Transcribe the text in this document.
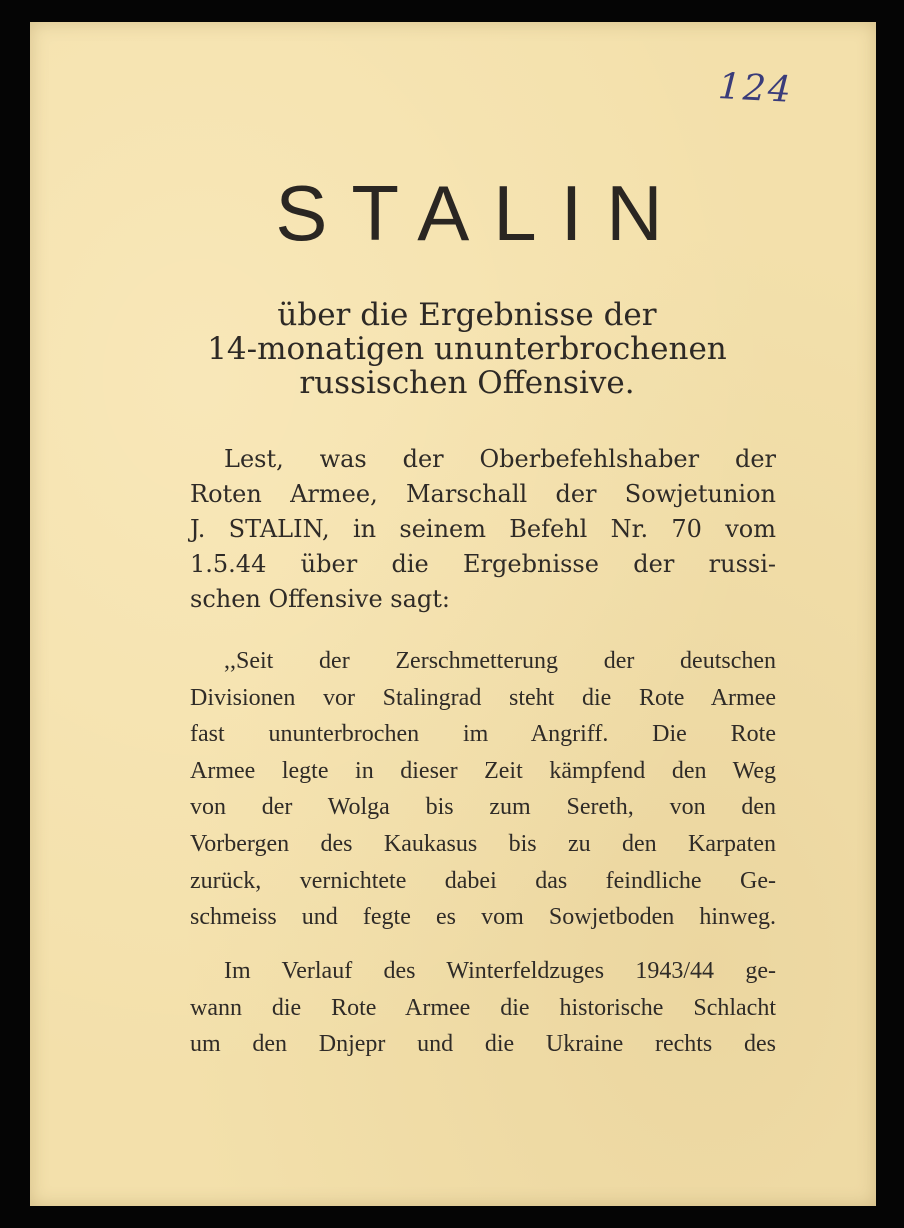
124
STALIN
über die Ergebnisse der
14-monatigen ununterbrochenen
russischen Offensive.
Lest, was der Oberbefehlshaber der
Roten Armee, Marschall der Sowjetunion
J. STALIN, in seinem Befehl Nr. 70 vom
1.5.44 über die Ergebnisse der russi-
schen Offensive sagt:
,,Seit der Zerschmetterung der deutschen
Divisionen vor Stalingrad steht die Rote Armee
fast ununterbrochen im Angriff. Die Rote
Armee legte in dieser Zeit kämpfend den Weg
von der Wolga bis zum Sereth, von den
Vorbergen des Kaukasus bis zu den Karpaten
zurück, vernichtete dabei das feindliche Ge-
schmeiss und fegte es vom Sowjetboden hinweg.
Im Verlauf des Winterfeldzuges 1943/44 ge-
wann die Rote Armee die historische Schlacht
um den Dnjepr und die Ukraine rechts des
